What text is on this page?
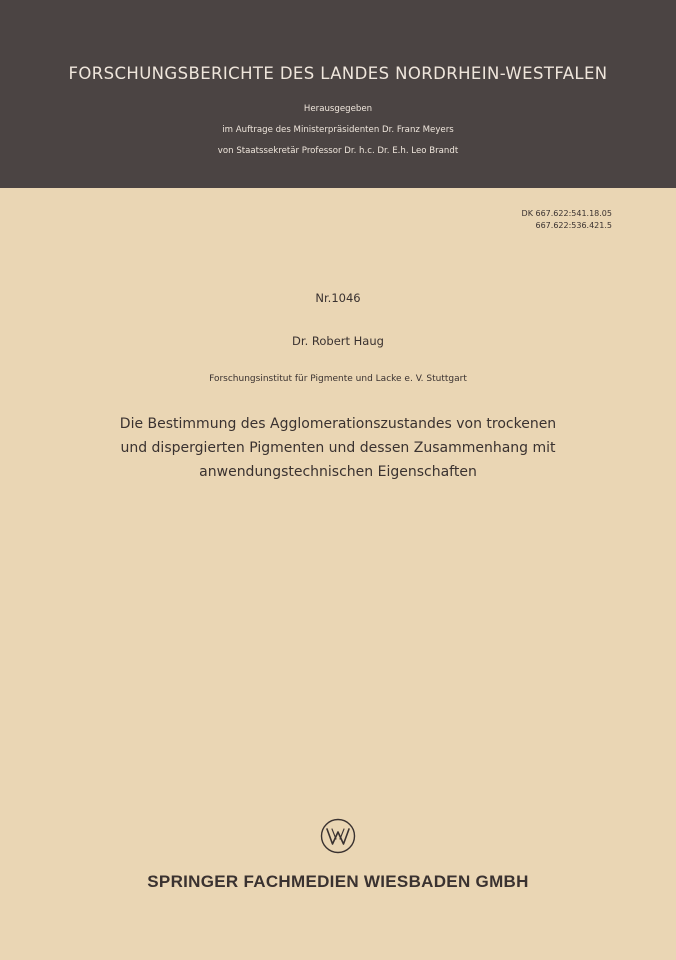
FORSCHUNGSBERICHTE DES LANDES NORDRHEIN-WESTFALEN
Herausgegeben
im Auftrage des Ministerpräsidenten Dr. Franz Meyers
von Staatssekretär Professor Dr. h.c. Dr. E.h. Leo Brandt
DK 667.622:541.18.05
667.622:536.421.5
Nr.1046
Dr. Robert Haug
Forschungsinstitut für Pigmente und Lacke e. V. Stuttgart
Die Bestimmung des Agglomerationszustandes von trockenen
und dispergierten Pigmenten und dessen Zusammenhang mit
anwendungstechnischen Eigenschaften
SPRINGER FACHMEDIEN WIESBADEN GMBH
